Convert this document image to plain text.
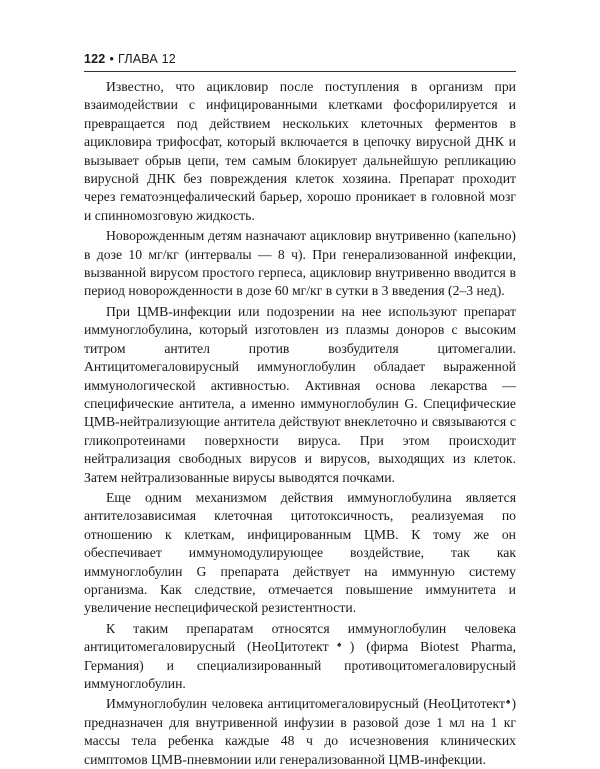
122 • ГЛАВА 12

Известно, что ацикловир после поступления в организм при взаимодействии с инфицированными клетками фосфорилируется и превращается под действием нескольких клеточных ферментов в ацикловира трифосфат, который включается в цепочку вирусной ДНК и вызывает обрыв цепи, тем самым блокирует дальнейшую репликацию вирусной ДНК без повреждения клеток хозяина. Препарат проходит через гематоэнцефалический барьер, хорошо проникает в головной мозг и спинномозговую жидкость.

Новорожденным детям назначают ацикловир внутривенно (капельно) в дозе 10 мг/кг (интервалы — 8 ч). При генерализованной инфекции, вызванной вирусом простого герпеса, ацикловир внутривенно вводится в период новорожденности в дозе 60 мг/кг в сутки в 3 введения (2–3 нед).

При ЦМВ-инфекции или подозрении на нее используют препарат иммуноглобулина, который изготовлен из плазмы доноров с высоким титром антител против возбудителя цитомегалии. Антицитомегаловирусный иммуноглобулин обладает выраженной иммунологической активностью. Активная основа лекарства — специфические антитела, а именно иммуноглобулин G. Специфические ЦМВ-нейтрализующие антитела действуют внеклеточно и связываются с гликопротеинами поверхности вируса. При этом происходит нейтрализация свободных вирусов и вирусов, выходящих из клеток. Затем нейтрализованные вирусы выводятся почками.

Еще одним механизмом действия иммуноглобулина является антителозависимая клеточная цитотоксичность, реализуемая по отношению к клеткам, инфицированным ЦМВ. К тому же он обеспечивает иммуномодулирующее воздействие, так как иммуноглобулин G препарата действует на иммунную систему организма. Как следствие, отмечается повышение иммунитета и увеличение неспецифической резистентности.

К таким препаратам относятся иммуноглобулин человека антицитомегаловирусный (НеоЦитотект♠) (фирма Biotest Pharma, Германия) и специализированный противоцитомегаловирусный иммуноглобулин.

Иммуноглобулин человека антицитомегаловирусный (НеоЦитотект♠) предназначен для внутривенной инфузии в разовой дозе 1 мл на 1 кг массы тела ребенка каждые 48 ч до исчезновения клинических симптомов ЦМВ-пневмонии или генерализованной ЦМВ-инфекции.
